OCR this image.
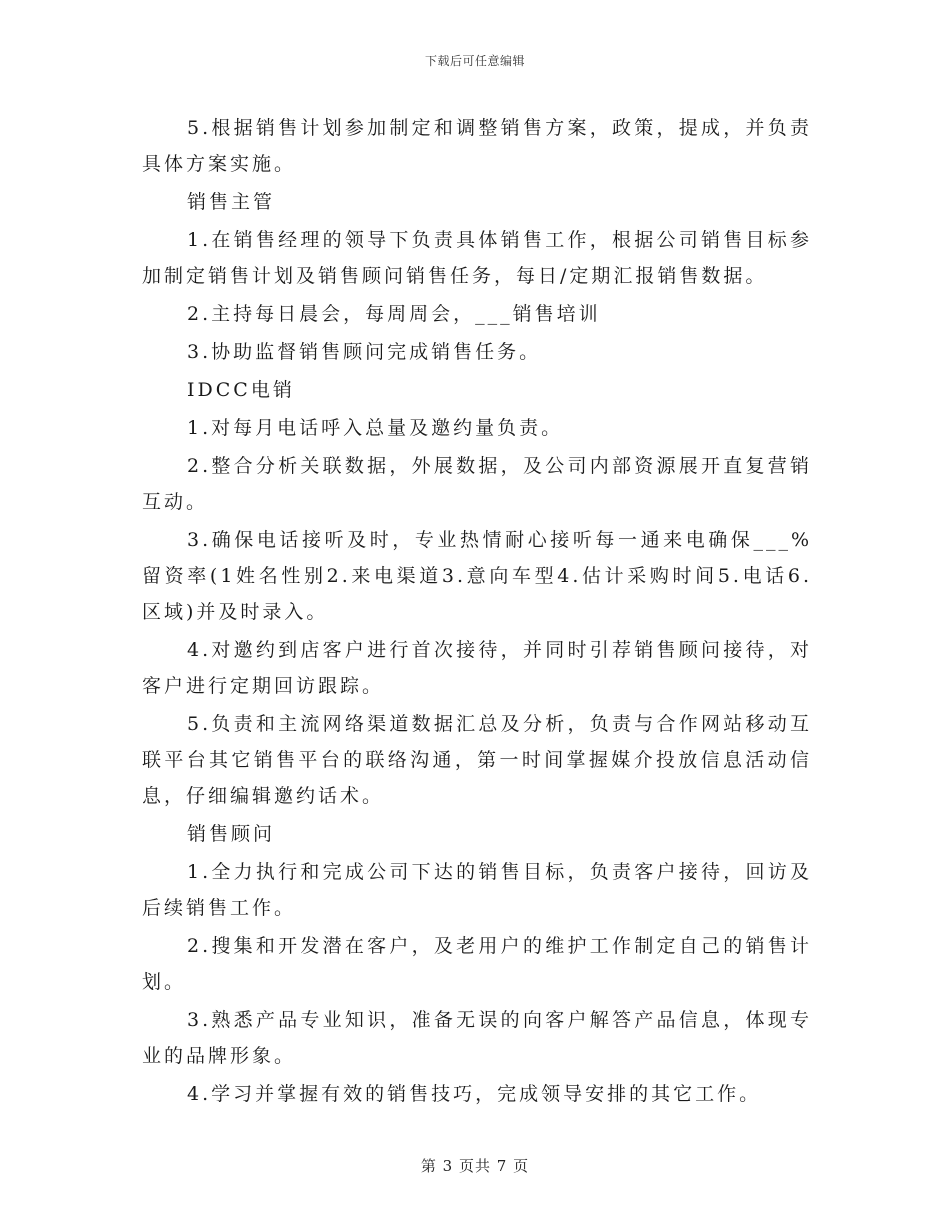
下载后可任意编辑

5.根据销售计划参加制定和调整销售方案，政策，提成，并负责具体方案实施。

销售主管

1.在销售经理的领导下负责具体销售工作，根据公司销售目标参加制定销售计划及销售顾问销售任务，每日/定期汇报销售数据。

2.主持每日晨会，每周周会，___销售培训

3.协助监督销售顾问完成销售任务。

IDCC电销

1.对每月电话呼入总量及邀约量负责。

2.整合分析关联数据，外展数据，及公司内部资源展开直复营销互动。

3.确保电话接听及时，专业热情耐心接听每一通来电确保___%留资率(1姓名性别2.来电渠道3.意向车型4.估计采购时间5.电话6.区域)并及时录入。

4.对邀约到店客户进行首次接待，并同时引荐销售顾问接待，对客户进行定期回访跟踪。

5.负责和主流网络渠道数据汇总及分析，负责与合作网站移动互联平台其它销售平台的联络沟通，第一时间掌握媒介投放信息活动信息，仔细编辑邀约话术。

销售顾问

1.全力执行和完成公司下达的销售目标，负责客户接待，回访及后续销售工作。

2.搜集和开发潜在客户，及老用户的维护工作制定自己的销售计划。

3.熟悉产品专业知识，准备无误的向客户解答产品信息，体现专业的品牌形象。

4.学习并掌握有效的销售技巧，完成领导安排的其它工作。

第 3 页共 7 页
